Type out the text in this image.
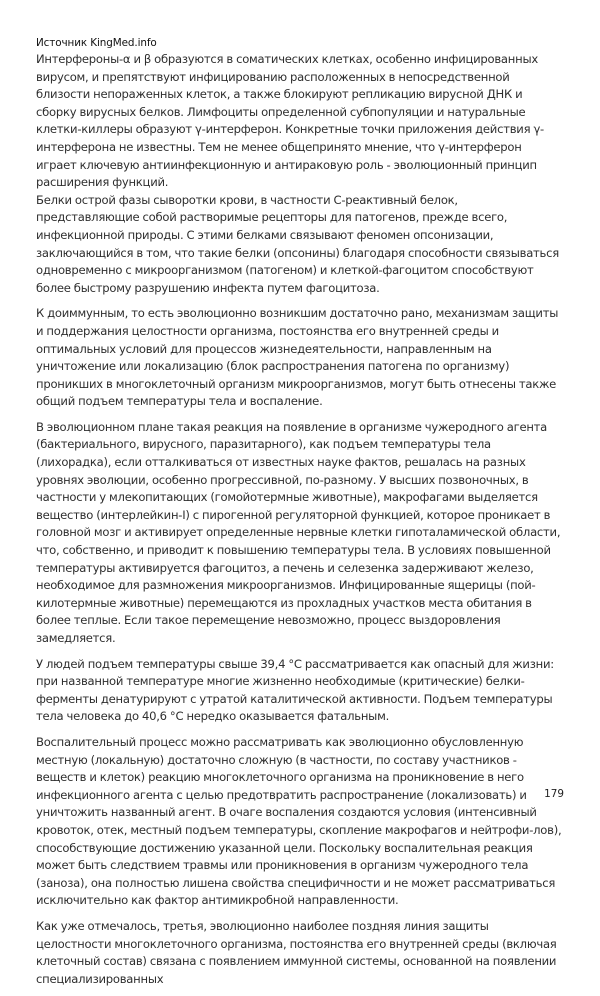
Источник KingMed.info

Интерфероны-α и β образуются в соматических клетках, особенно инфицированных вирусом, и препятствуют инфицированию расположенных в непосредственной близости непораженных клеток, а также блокируют репликацию вирусной ДНК и сборку вирусных белков. Лимфоциты определенной субпопуляции и натуральные клетки-киллеры образуют γ-интерферон. Конкретные точки приложения действия γ-интерферона не известны. Тем не менее общепринято мнение, что γ-интерферон играет ключевую антиинфекционную и антираковую роль - эволюционный принцип расширения функций.

Белки острой фазы сыворотки крови, в частности С-реактивный белок, представляющие собой растворимые рецепторы для патогенов, прежде всего, инфекционной природы. С этими белками связывают феномен опсонизации, заключающийся в том, что такие белки (опсонины) благодаря способности связываться одновременно с микроорганизмом (патогеном) и клеткой-фагоцитом способствуют более быстрому разрушению инфекта путем фагоцитоза.

К доиммунным, то есть эволюционно возникшим достаточно рано, механизмам защиты и поддержания целостности организма, постоянства его внутренней среды и оптимальных условий для процессов жизнедеятельности, направленным на уничтожение или локализацию (блок распространения патогена по организму) проникших в многоклеточный организм микроорганизмов, могут быть отнесены также общий подъем температуры тела и воспаление.

В эволюционном плане такая реакция на появление в организме чужеродного агента (бактериального, вирусного, паразитарного), как подъем температуры тела (лихорадка), если отталкиваться от известных науке фактов, решалась на разных уровнях эволюции, особенно прогрессивной, по-разному. У высших позвоночных, в частности у млекопитающих (гомойотермные животные), макрофагами выделяется вещество (интерлейкин-I) с пирогенной регуляторной функцией, которое проникает в головной мозг и активирует определенные нервные клетки гипоталамической области, что, собственно, и приводит к повышению температуры тела. В условиях повышенной температуры активируется фагоцитоз, а печень и селезенка задерживают железо, необходимое для размножения микроорганизмов. Инфицированные ящерицы (пой-килотермные животные) перемещаются из прохладных участков места обитания в более теплые. Если такое перемещение невозможно, процесс выздоровления замедляется.

У людей подъем температуры свыше 39,4 °С рассматривается как опасный для жизни: при названной температуре многие жизненно необходимые (критические) белки-ферменты денатурируют с утратой каталитической активности. Подъем температуры тела человека до 40,6 °С нередко оказывается фатальным.

Воспалительный процесс можно рассматривать как эволюционно обусловленную местную (локальную) достаточно сложную (в частности, по составу участников - веществ и клеток) реакцию многоклеточного организма на проникновение в него инфекционного агента с целью предотвратить распространение (локализовать) и уничтожить названный агент. В очаге воспаления создаются условия (интенсивный кровоток, отек, местный подъем температуры, скопление макрофагов и нейтрофи-лов), способствующие достижению указанной цели. Поскольку воспалительная реакция может быть следствием травмы или проникновения в организм чужеродного тела (заноза), она полностью лишена свойства специфичности и не может рассматриваться исключительно как фактор антимикробной направленности.

Как уже отмечалось, третья, эволюционно наиболее поздняя линия защиты целостности многоклеточного организма, постоянства его внутренней среды (включая клеточный состав) связана с появлением иммунной системы, основанной на появлении специализированных

179
